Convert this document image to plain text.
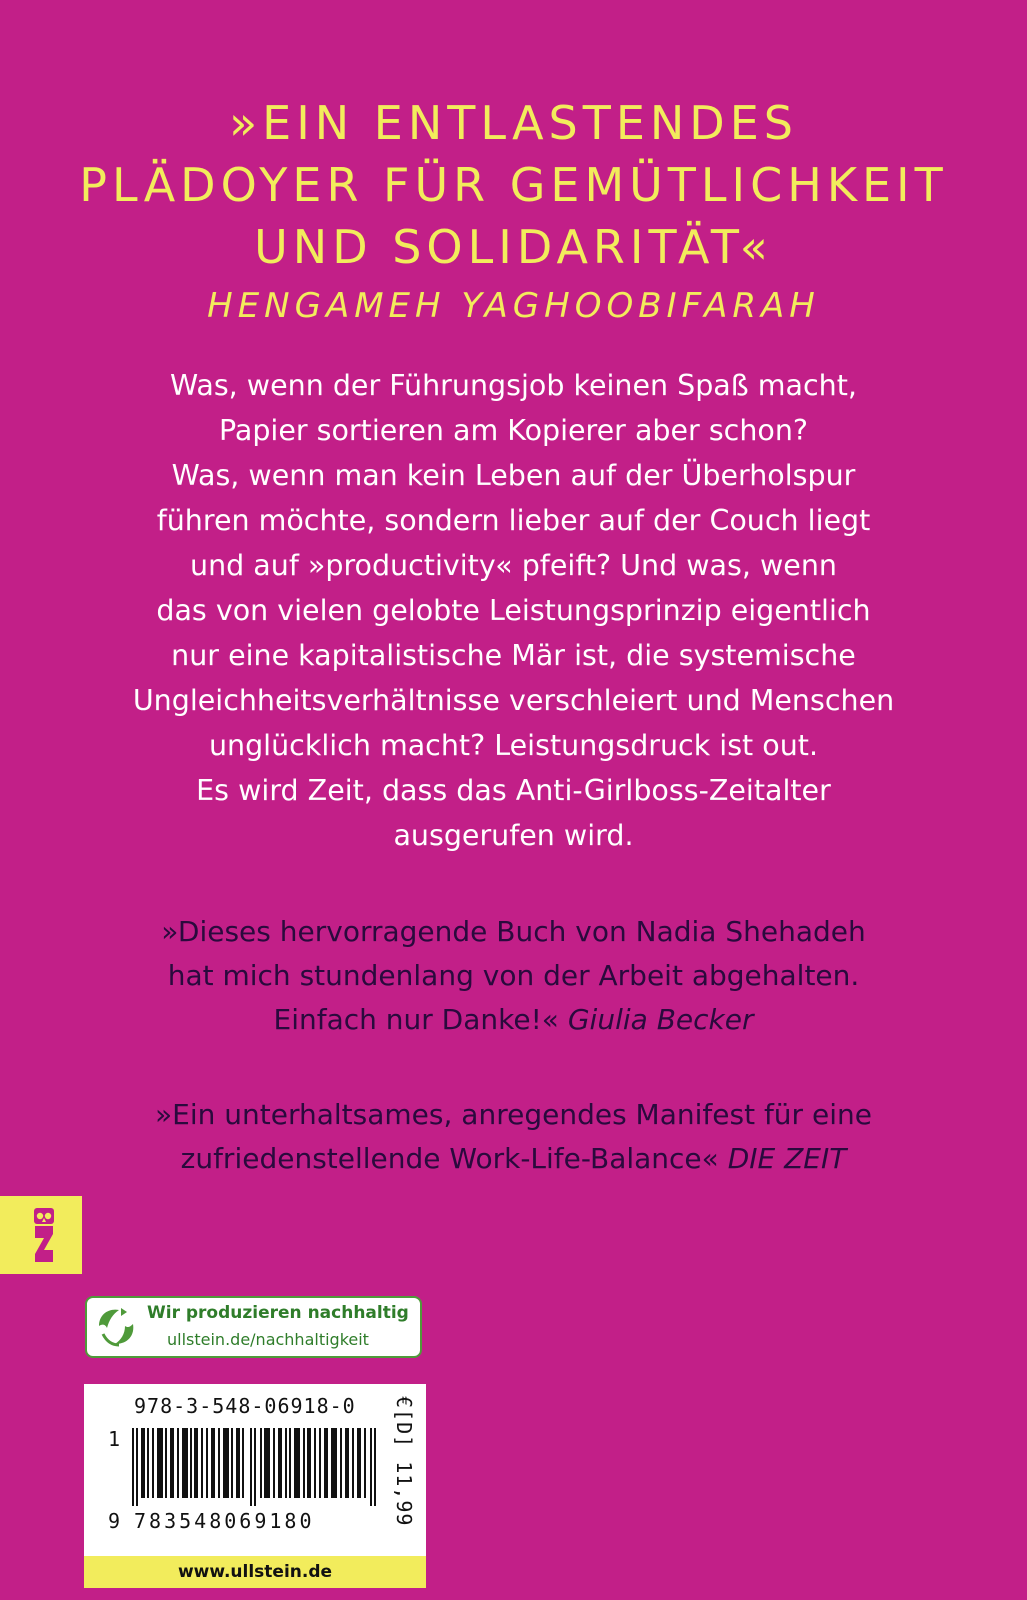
»EIN ENTLASTENDES
PLÄDOYER FÜR GEMÜTLICHKEIT
UND SOLIDARITÄT«
HENGAMEH YAGHOOBIFARAH
Was, wenn der Führungsjob keinen Spaß macht,
Papier sortieren am Kopierer aber schon?
Was, wenn man kein Leben auf der Überholspur
führen möchte, sondern lieber auf der Couch liegt
und auf »productivity« pfeift? Und was, wenn
das von vielen gelobte Leistungsprinzip eigentlich
nur eine kapitalistische Mär ist, die systemische
Ungleichheitsverhältnisse verschleiert und Menschen
unglücklich macht? Leistungsdruck ist out.
Es wird Zeit, dass das Anti-Girlboss-Zeitalter
ausgerufen wird.
»Dieses hervorragende Buch von Nadia Shehadeh
hat mich stundenlang von der Arbeit abgehalten.
Einfach nur Danke!« Giulia Becker
»Ein unterhaltsames, anregendes Manifest für eine
zufriedenstellende Work-Life-Balance« DIE ZEIT
Wir produzieren nachhaltig
ullstein.de/nachhaltigkeit
978-3-548-06918-0
1
9 783548069180	€[D] 11,99
www.ullstein.de
